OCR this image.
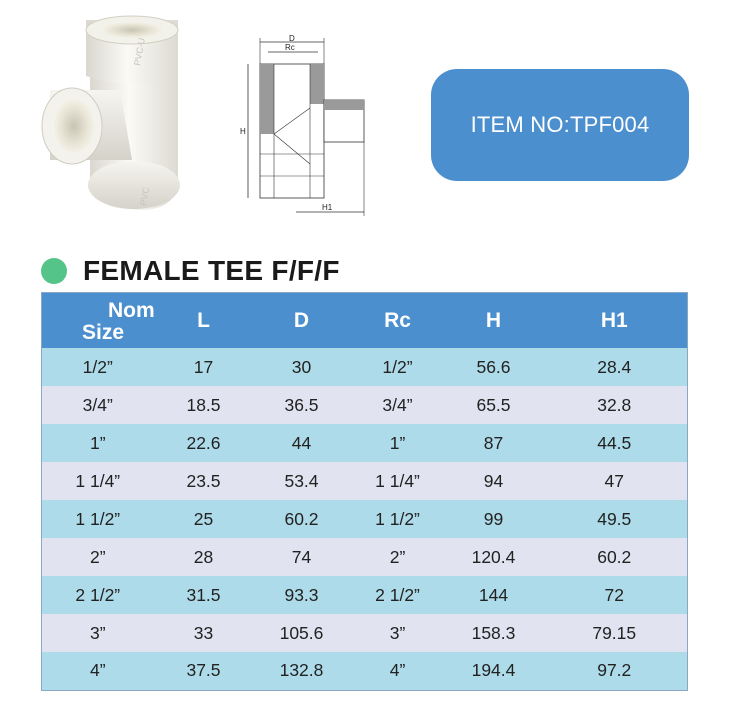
PVC-U
PVC
D
Rc
H
H1
ITEM NO:TPF004
FEMALE TEE F/F/F
Nom
Size	L	D	Rc	H	H1
1/2”	17	30	1/2”	56.6	28.4
3/4”	18.5	36.5	3/4”	65.5	32.8
1”	22.6	44	1”	87	44.5
1 1/4”	23.5	53.4	1 1/4”	94	47
1 1/2”	25	60.2	1 1/2”	99	49.5
2”	28	74	2”	120.4	60.2
2 1/2”	31.5	93.3	2 1/2”	144	72
3”	33	105.6	3”	158.3	79.15
4”	37.5	132.8	4”	194.4	97.2
